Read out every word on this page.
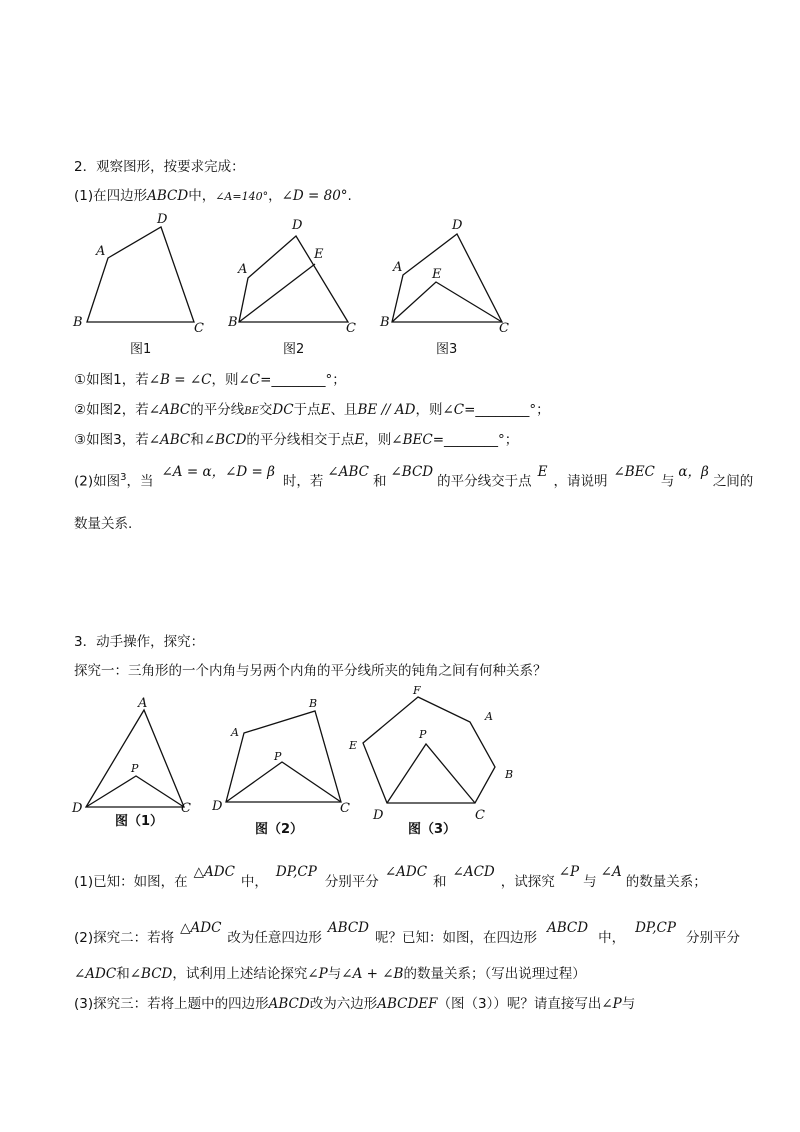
2．观察图形，按要求完成：
(1)在四边形ABCD中，∠A=140°，∠D = 80°.
D
A
B	C
图1
D
E
A
B	C
图2
D
E
A
B	C
图3
①如图1，若∠B = ∠C，则∠C=________°；
②如图2，若∠ABC的平分线BE交DC于点E、且BE // AD，则∠C=________°；
③如图3，若∠ABC和∠BCD的平分线相交于点E，则∠BEC=________°；
(2)如图$^3$，当∠A = α，∠D = β时，若∠ABC和∠BCD的平分线交于点E，请说明∠BEC与α，β之间的
数量关系.
3．动手操作，探究：
探究一：三角形的一个内角与另两个内角的平分线所夹的钝角之间有何种关系？
A
P
D	C
图（1）
A
B
P
D	C
图（2）
F
A
E
P
B
D	C
图（3）
(1)已知：如图，在△ADC中，DP,CP分别平分∠ADC和∠ACD，试探究∠P与∠A的数量关系；
(2)探究二：若将△ADC改为任意四边形ABCD呢？已知：如图，在四边形ABCD中，DP,CP分别平分
∠ADC和∠BCD，试利用上述结论探究∠P与∠A + ∠B的数量关系；（写出说理过程）
(3)探究三：若将上题中的四边形ABCD改为六边形ABCDEF（图（3））呢？请直接写出∠P与
